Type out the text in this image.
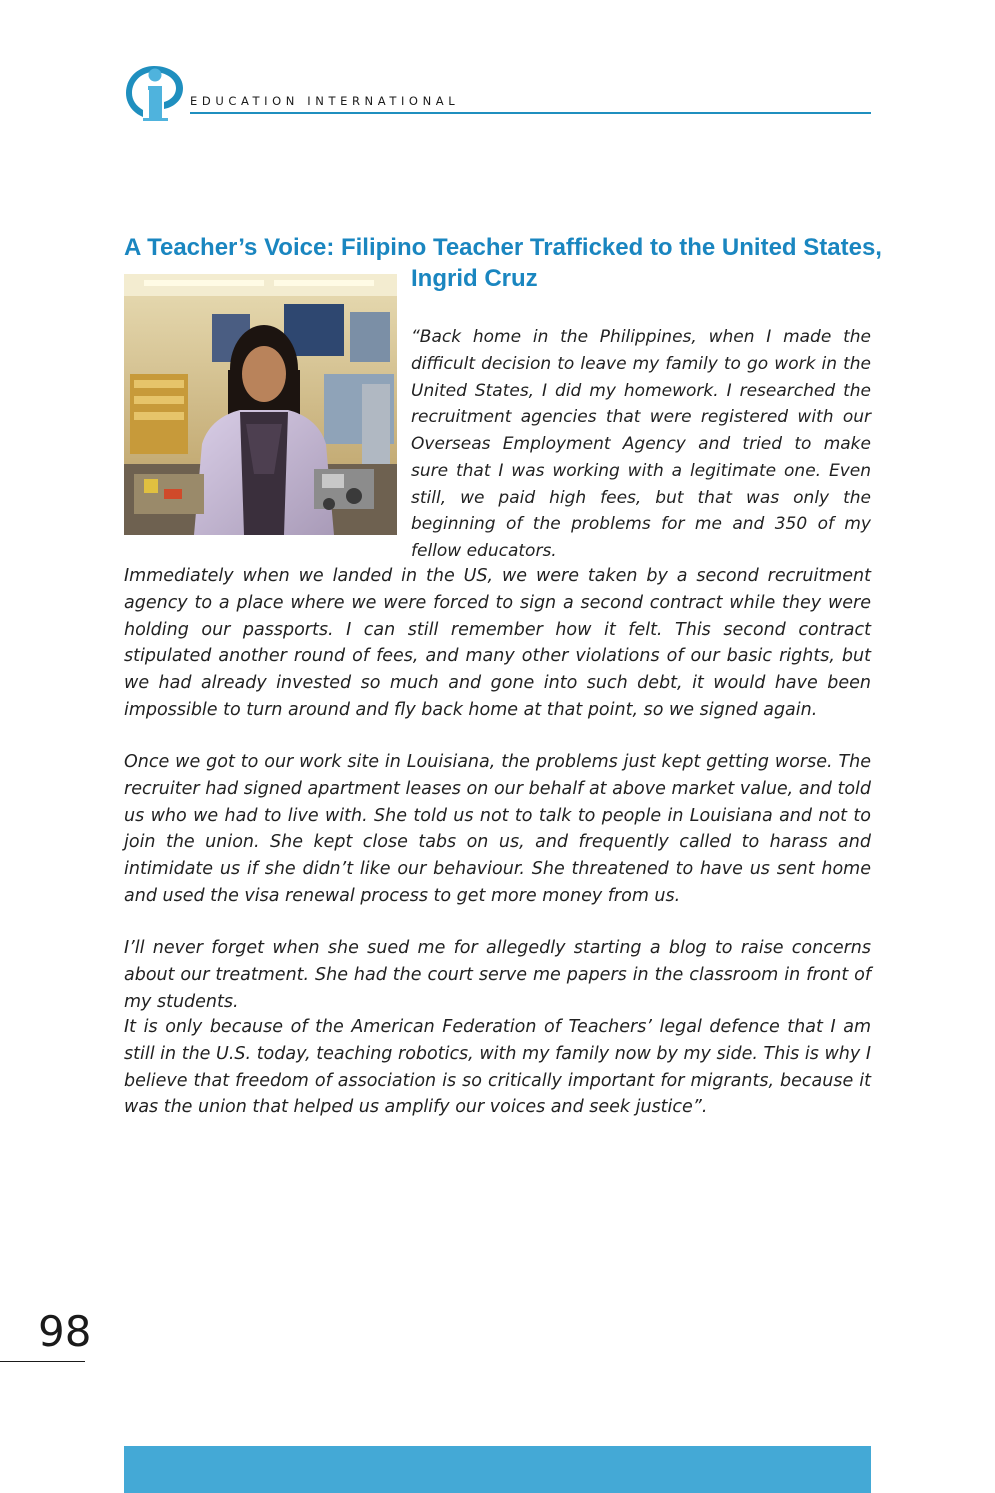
EDUCATION INTERNATIONAL
A Teacher’s Voice: Filipino Teacher Trafficked to the United States,
Ingrid Cruz

“Back home in the Philippines, when I made the difficult decision to leave my family to go work in the United States, I did my homework. I researched the recruitment agencies that were registered with our Overseas Employment Agency and tried to make sure that I was working with a legitimate one. Even still, we paid high fees, but that was only the beginning of the problems for me and 350 of my fellow educators.

Immediately when we landed in the US, we were taken by a second recruitment agency to a place where we were forced to sign a second contract while they were holding our passports. I can still remember how it felt. This second contract stipulated another round of fees, and many other violations of our basic rights, but we had already invested so much and gone into such debt, it would have been impossible to turn around and fly back home at that point, so we signed again.

Once we got to our work site in Louisiana, the problems just kept getting worse. The recruiter had signed apartment leases on our behalf at above market value, and told us who we had to live with. She told us not to talk to people in Louisiana and not to join the union. She kept close tabs on us, and frequently called to harass and intimidate us if she didn’t like our behaviour. She threatened to have us sent home and used the visa renewal process to get more money from us.

I’ll never forget when she sued me for allegedly starting a blog to raise concerns about our treatment. She had the court serve me papers in the classroom in front of my students.

It is only because of the American Federation of Teachers’ legal defence that I am still in the U.S. today, teaching robotics, with my family now by my side. This is why I believe that freedom of association is so critically important for migrants, because it was the union that helped us amplify our voices and seek justice”.

98
